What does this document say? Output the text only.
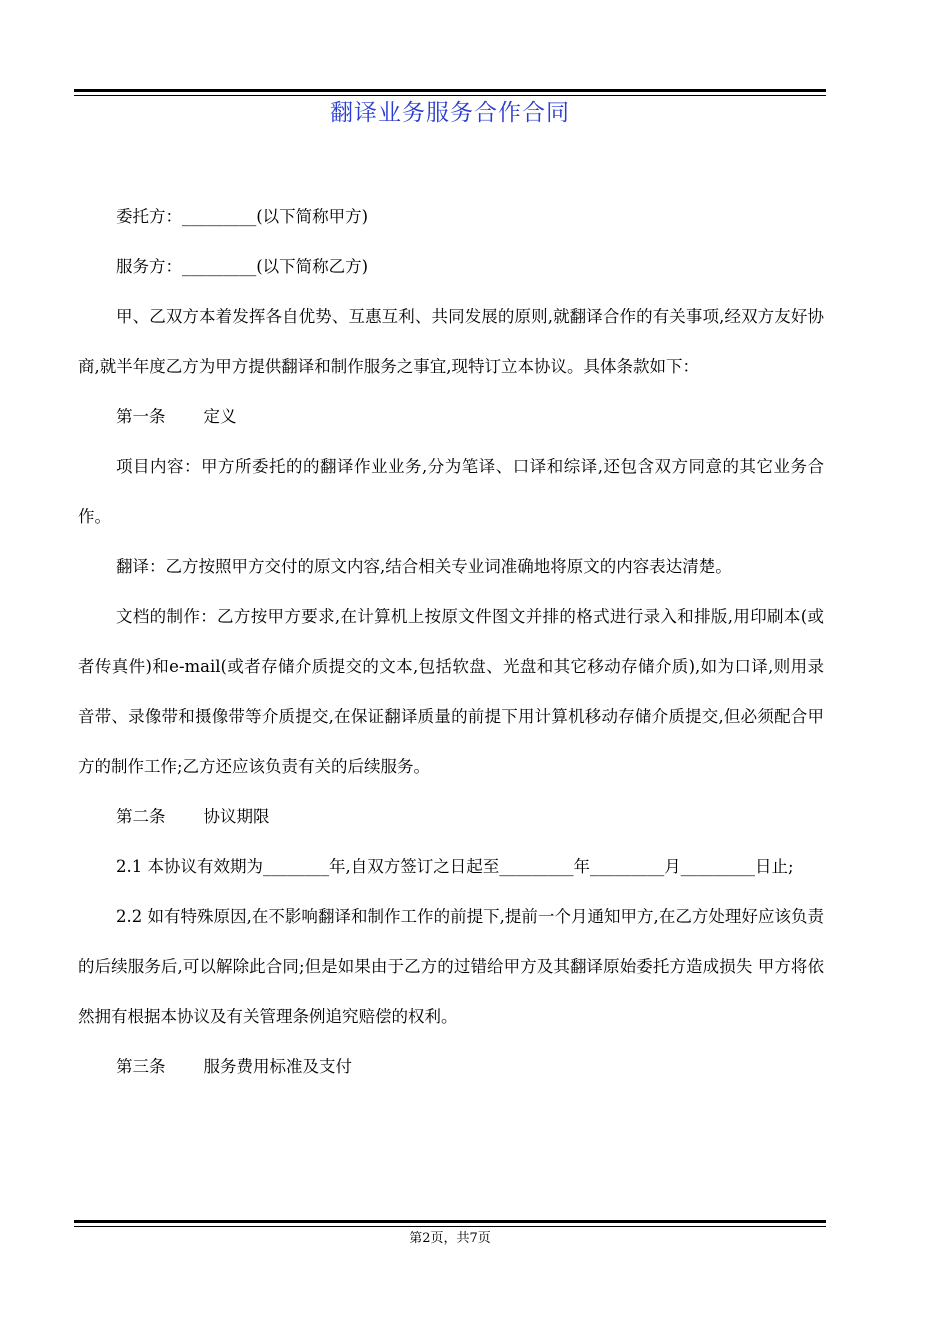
翻译业务服务合作合同

委托方：_________(以下简称甲方)

服务方：_________(以下简称乙方)

甲、乙双方本着发挥各自优势、互惠互利、共同发展的原则,就翻译合作的有关事项,经双方友好协商,就半年度乙方为甲方提供翻译和制作服务之事宜,现特订立本协议。具体条款如下：

第一条 定义

项目内容：甲方所委托的的翻译作业业务,分为笔译、口译和综译,还包含双方同意的其它业务合作。

翻译：乙方按照甲方交付的原文内容,结合相关专业词准确地将原文的内容表达清楚。

文档的制作：乙方按甲方要求,在计算机上按原文件图文并排的格式进行录入和排版,用印刷本(或者传真件)和e-mail(或者存储介质提交的文本,包括软盘、光盘和其它移动存储介质),如为口译,则用录音带、录像带和摄像带等介质提交,在保证翻译质量的前提下用计算机移动存储介质提交,但必须配合甲方的制作工作;乙方还应该负责有关的后续服务。

第二条 协议期限

2.1 本协议有效期为________年,自双方签订之日起至_________年_________月_________日止;

2.2 如有特殊原因,在不影响翻译和制作工作的前提下,提前一个月通知甲方,在乙方处理好应该负责的后续服务后,可以解除此合同;但是如果由于乙方的过错给甲方及其翻译原始委托方造成损失 甲方将依然拥有根据本协议及有关管理条例追究赔偿的权利。

第三条 服务费用标准及支付

第2页，共7页
